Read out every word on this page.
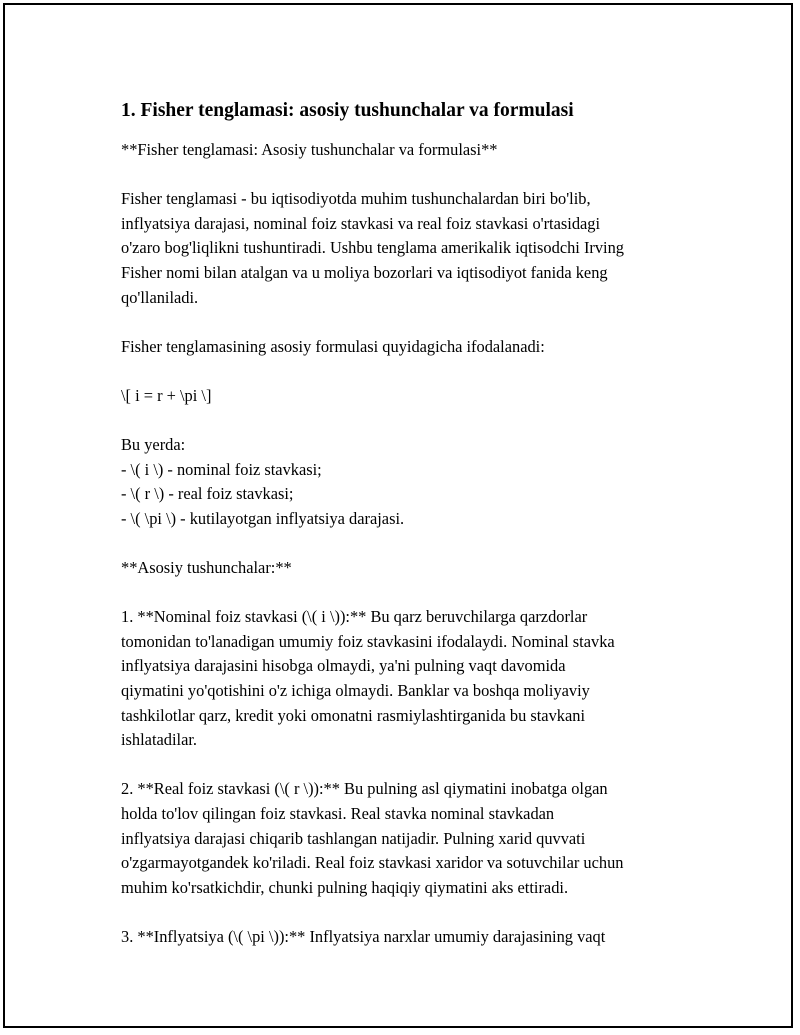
1. Fisher tenglamasi: asosiy tushunchalar va formulasi

**Fisher tenglamasi: Asosiy tushunchalar va formulasi**

Fisher tenglamasi - bu iqtisodiyotda muhim tushunchalardan biri bo'lib,

inflyatsiya darajasi, nominal foiz stavkasi va real foiz stavkasi o'rtasidagi

o'zaro bog'liqlikni tushuntiradi. Ushbu tenglama amerikalik iqtisodchi Irving

Fisher nomi bilan atalgan va u moliya bozorlari va iqtisodiyot fanida keng

qo'llaniladi.

Fisher tenglamasining asosiy formulasi quyidagicha ifodalanadi:

\[ i = r + \pi \]

Bu yerda:

- \( i \) - nominal foiz stavkasi;

- \( r \) - real foiz stavkasi;

- \( \pi \) - kutilayotgan inflyatsiya darajasi.

**Asosiy tushunchalar:**

1. **Nominal foiz stavkasi (\( i \)):** Bu qarz beruvchilarga qarzdorlar

tomonidan to'lanadigan umumiy foiz stavkasini ifodalaydi. Nominal stavka

inflyatsiya darajasini hisobga olmaydi, ya'ni pulning vaqt davomida

qiymatini yo'qotishini o'z ichiga olmaydi. Banklar va boshqa moliyaviy

tashkilotlar qarz, kredit yoki omonatni rasmiylashtirganida bu stavkani

ishlatadilar.

2. **Real foiz stavkasi (\( r \)):** Bu pulning asl qiymatini inobatga olgan

holda to'lov qilingan foiz stavkasi. Real stavka nominal stavkadan

inflyatsiya darajasi chiqarib tashlangan natijadir. Pulning xarid quvvati

o'zgarmayotgandek ko'riladi. Real foiz stavkasi xaridor va sotuvchilar uchun

muhim ko'rsatkichdir, chunki pulning haqiqiy qiymatini aks ettiradi.

3. **Inflyatsiya (\( \pi \)):** Inflyatsiya narxlar umumiy darajasining vaqt
